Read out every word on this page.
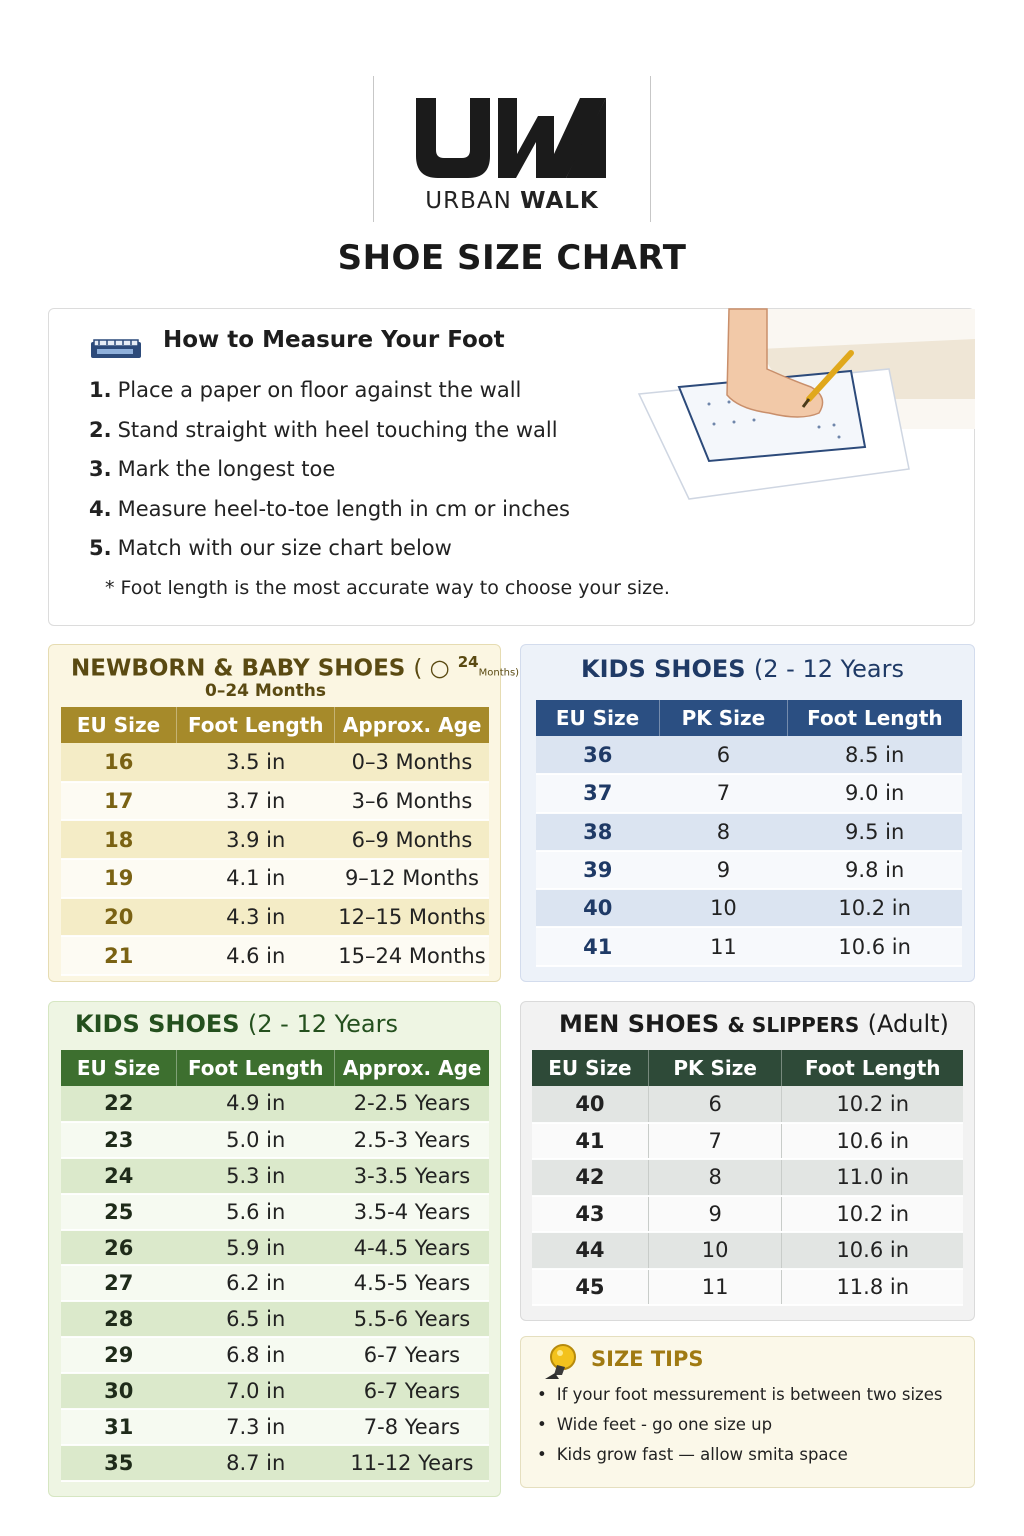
URBAN WALK
SHOE SIZE CHART
How to Measure Your Foot
1. Place a paper on floor against the wall
2. Stand straight with heel touching the wall
3. Mark the longest toe
4. Measure heel-to-toe length in cm or inches
5. Match with our size chart below
* Foot length is the most accurate way to choose your size.
NEWBORN & BABY SHOES ( ○ $^{24}$Months)
0–24 Months
EU Size	Foot Length	Approx. Age
16	3.5 in	0–3 Months
17	3.7 in	3–6 Months
18	3.9 in	6–9 Months
19	4.1 in	9–12 Months
20	4.3 in	12–15 Months
21	4.6 in	15–24 Months
KIDS SHOES (2 - 12 Years
EU Size	PK Size	Foot Length
36	6	8.5 in
37	7	9.0 in
38	8	9.5 in
39	9	9.8 in
40	10	10.2 in
41	11	10.6 in
KIDS SHOES (2 - 12 Years
EU Size	Foot Length	Approx. Age
22	4.9 in	2-2.5 Years
23	5.0 in	2.5-3 Years
24	5.3 in	3-3.5 Years
25	5.6 in	3.5-4 Years
26	5.9 in	4-4.5 Years
27	6.2 in	4.5-5 Years
28	6.5 in	5.5-6 Years
29	6.8 in	6-7 Years
30	7.0 in	6-7 Years
31	7.3 in	7-8 Years
35	8.7 in	11-12 Years
MEN SHOES & SLIPPERS (Adult)
EU Size	PK Size	Foot Length
40	6	10.2 in
41	7	10.6 in
42	8	11.0 in
43	9	10.2 in
44	10	10.6 in
45	11	11.8 in
SIZE TIPS
• If your foot messurement is between two sizes
• Wide feet - go one size up
• Kids grow fast — allow smita space
